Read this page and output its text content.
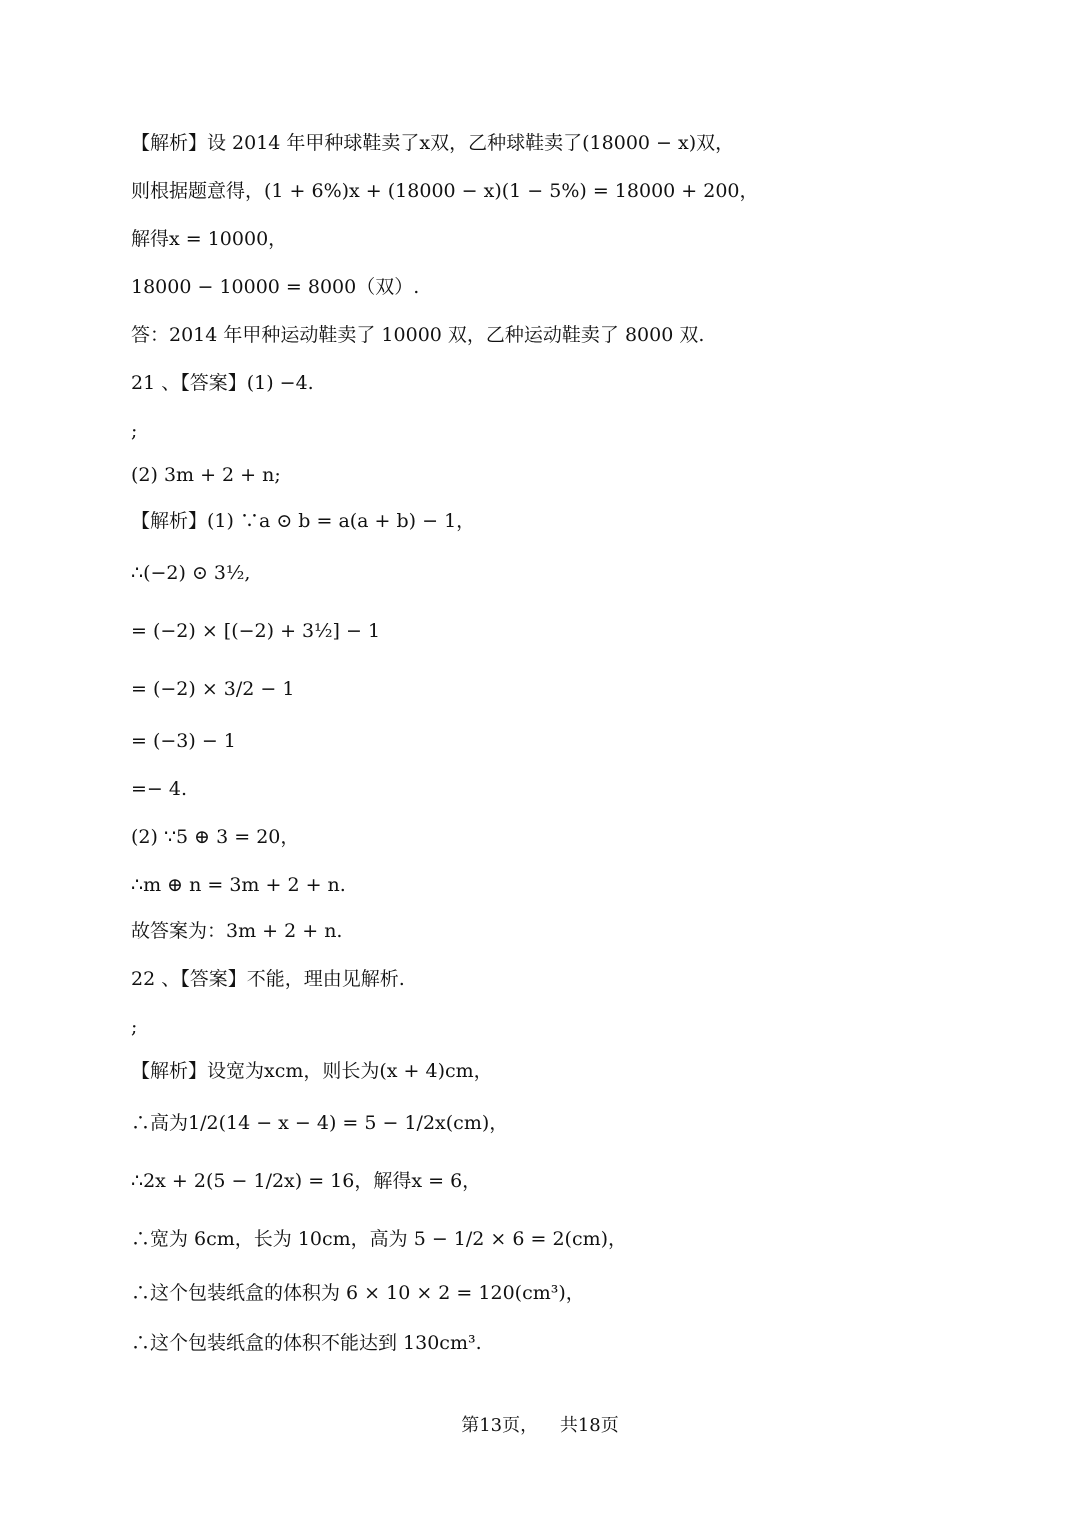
【解析】设 2014 年甲种球鞋卖了x双，乙种球鞋卖了(18000 − x)双，
则根据题意得，(1 + 6%)x + (18000 − x)(1 − 5%) = 18000 + 200，
解得x = 10000，
18000 − 10000 = 8000（双）.
答：2014 年甲种运动鞋卖了 10000 双，乙种运动鞋卖了 8000 双.
21 、【答案】(1) −4.
;
(2) 3m + 2 + n;
【解析】(1) ∵a ⊙ b = a(a + b) − 1，
∴(−2) ⊙ 3½,
= (−2) × [(−2) + 3½] − 1
= (−2) × 3/2 − 1
= (−3) − 1
=− 4.
(2) ∵5 ⊕ 3 = 20，
∴m ⊕ n = 3m + 2 + n.
故答案为：3m + 2 + n.
22 、【答案】不能，理由见解析.
;
【解析】设宽为xcm，则长为(x + 4)cm，
∴高为1/2(14 − x − 4) = 5 − 1/2x(cm)，
∴2x + 2(5 − 1/2x) = 16，解得x = 6，
∴宽为 6cm，长为 10cm，高为 5 − 1/2 × 6 = 2(cm)，
∴这个包装纸盒的体积为 6 × 10 × 2 = 120(cm³)，
∴这个包装纸盒的体积不能达到 130cm³.
第13页， 共18页
